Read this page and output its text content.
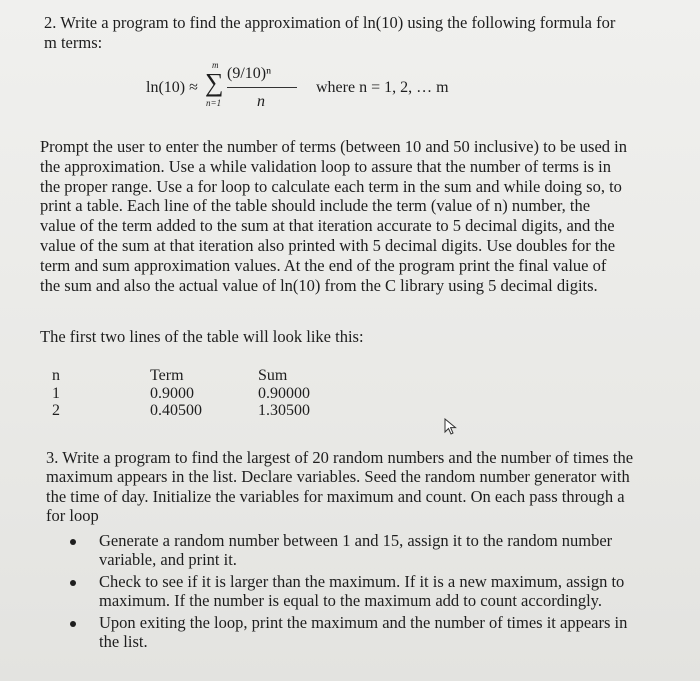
2. Write a program to find the approximation of ln(10) using the following formula for
m terms:
ln(10) ≈ ∑
m
n=1
(9/10)ⁿ
n
where n = 1, 2, … m
Prompt the user to enter the number of terms (between 10 and 50 inclusive) to be used in
the approximation. Use a while validation loop to assure that the number of terms is in
the proper range. Use a for loop to calculate each term in the sum and while doing so, to
print a table. Each line of the table should include the term (value of n) number, the
value of the term added to the sum at that iteration accurate to 5 decimal digits, and the
value of the sum at that iteration also printed with 5 decimal digits. Use doubles for the
term and sum approximation values. At the end of the program print the final value of
the sum and also the actual value of ln(10) from the C library using 5 decimal digits.
The first two lines of the table will look like this:
n
1
2
Term
0.9000
0.40500
Sum
0.90000
1.30500
3. Write a program to find the largest of 20 random numbers and the number of times the
maximum appears in the list. Declare variables. Seed the random number generator with
the time of day. Initialize the variables for maximum and count. On each pass through a
for loop
Generate a random number between 1 and 15, assign it to the random number
variable, and print it.
Check to see if it is larger than the maximum. If it is a new maximum, assign to
maximum. If the number is equal to the maximum add to count accordingly.
Upon exiting the loop, print the maximum and the number of times it appears in
the list.
